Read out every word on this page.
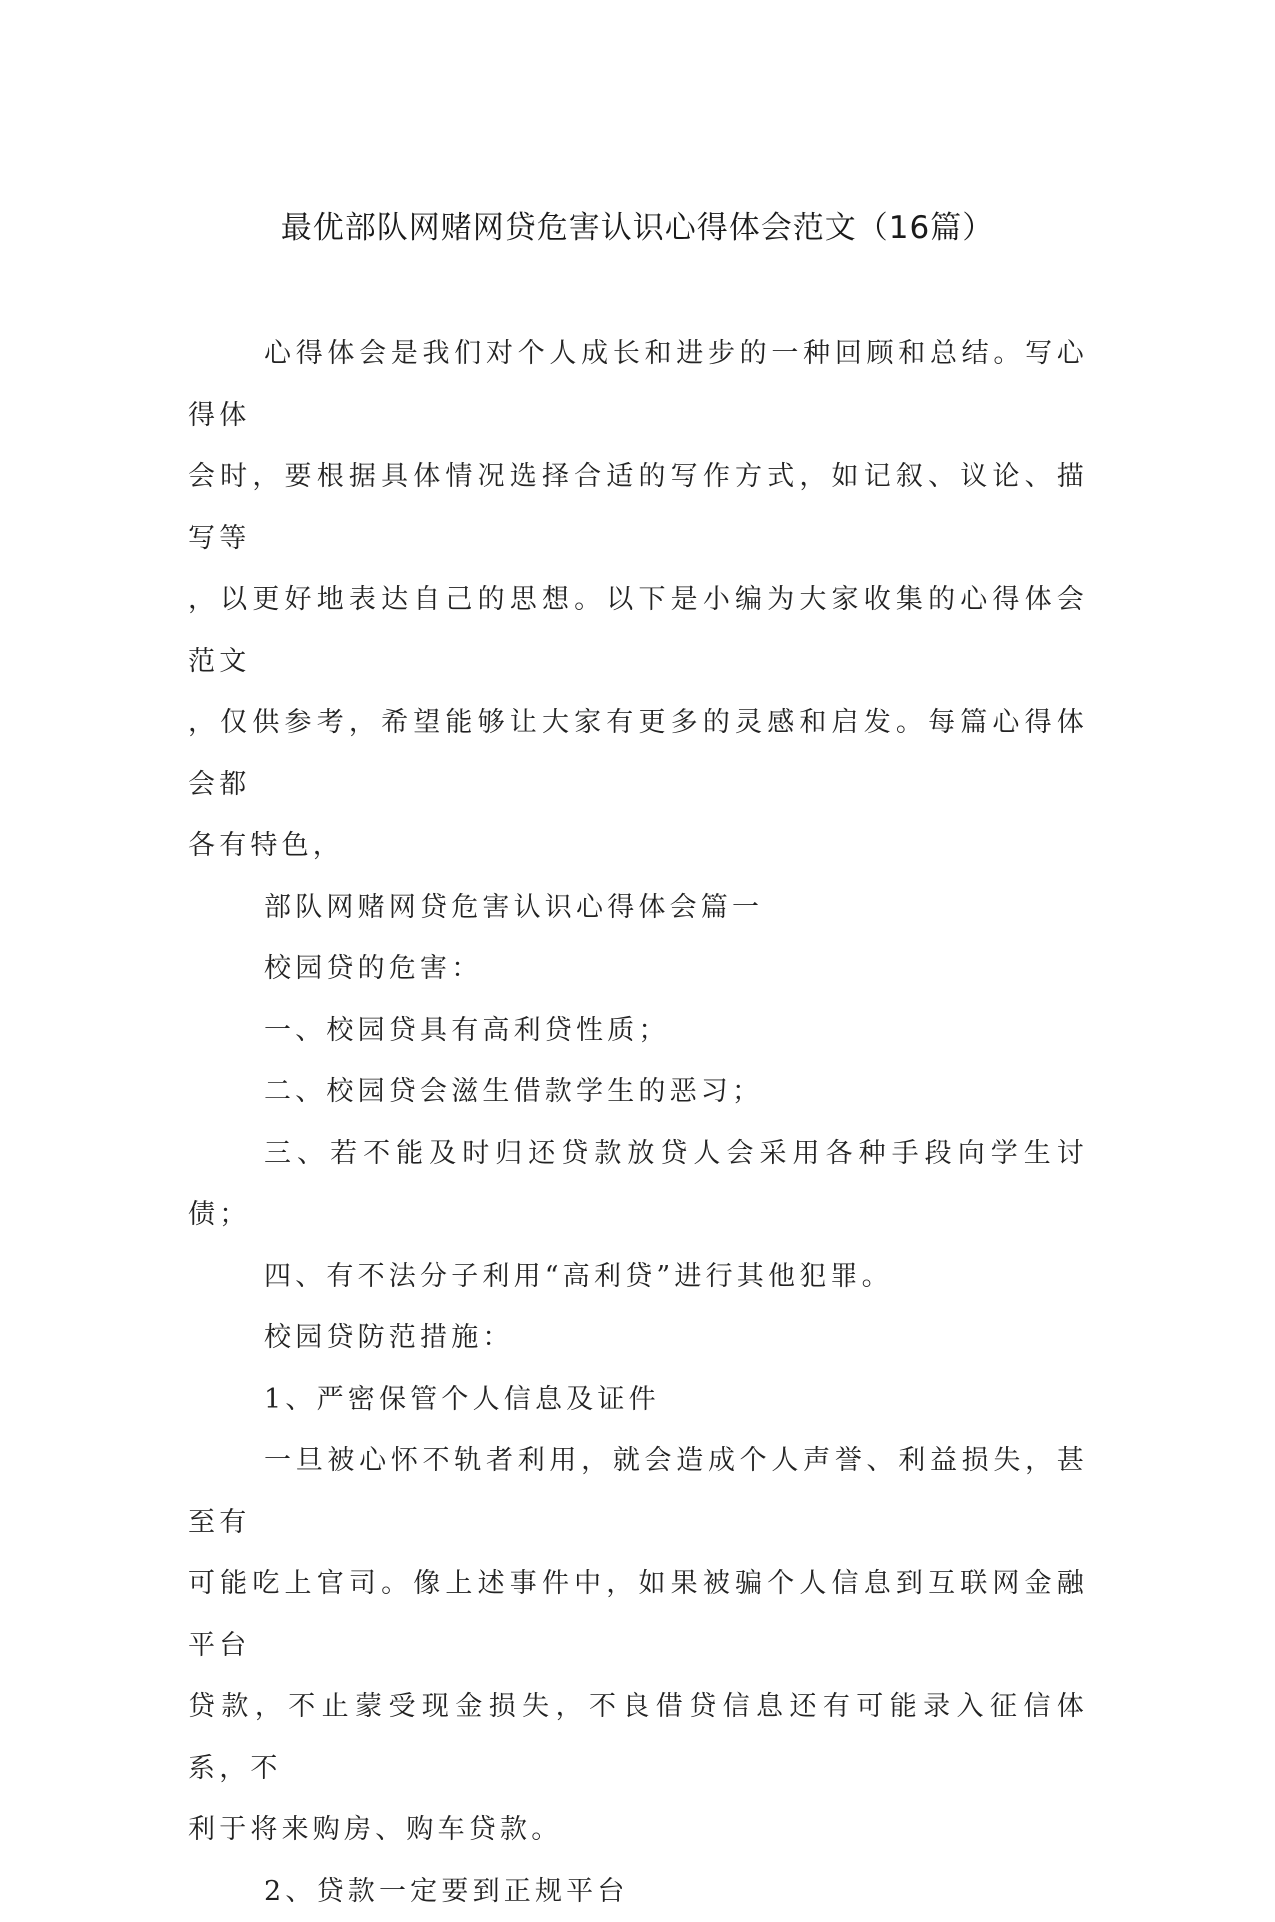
最优部队网赌网贷危害认识心得体会范文（16篇）

心得体会是我们对个人成长和进步的一种回顾和总结。写心得体

会时，要根据具体情况选择合适的写作方式，如记叙、议论、描写等

，以更好地表达自己的思想。以下是小编为大家收集的心得体会范文

，仅供参考，希望能够让大家有更多的灵感和启发。每篇心得体会都

各有特色，

部队网赌网贷危害认识心得体会篇一

校园贷的危害：

一、校园贷具有高利贷性质；

二、校园贷会滋生借款学生的恶习；

三、若不能及时归还贷款放贷人会采用各种手段向学生讨债；

四、有不法分子利用“高利贷”进行其他犯罪。

校园贷防范措施：

1、严密保管个人信息及证件

一旦被心怀不轨者利用，就会造成个人声誉、利益损失，甚至有

可能吃上官司。像上述事件中，如果被骗个人信息到互联网金融平台

贷款，不止蒙受现金损失，不良借贷信息还有可能录入征信体系，不

利于将来购房、购车贷款。

2、贷款一定要到正规平台
